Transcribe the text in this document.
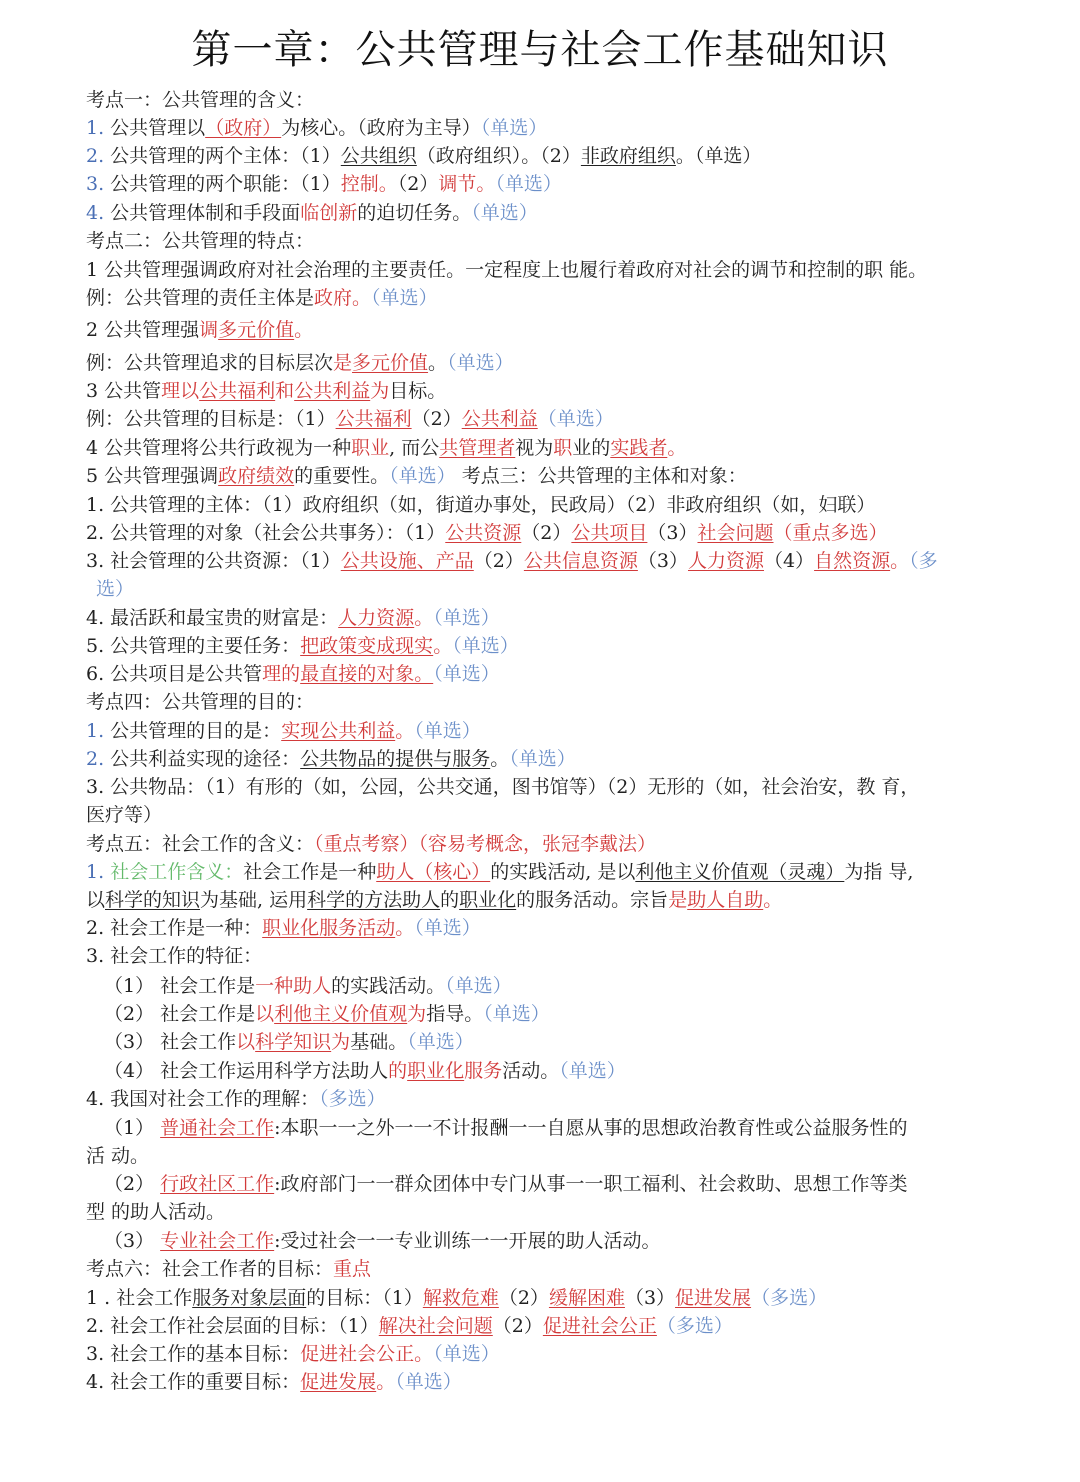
第一章：公共管理与社会工作基础知识
考点一：公共管理的含义：
1. 公共管理以（政府）为核心。（政府为主导）（单选）
2. 公共管理的两个主体：（1）公共组织（政府组织）。（2）非政府组织。（单选）
3. 公共管理的两个职能：（1）控制。（2）调节。（单选）
4. 公共管理体制和手段面临创新的迫切任务。（单选）
考点二：公共管理的特点：
1 公共管理强调政府对社会治理的主要责任。一定程度上也履行着政府对社会的调节和控制的职 能。
例：公共管理的责任主体是政府。（单选）
2 公共管理强调多元价值。
例：公共管理追求的目标层次是多元价值。（单选）
3 公共管理以公共福利和公共利益为目标。
例：公共管理的目标是：（1）公共福利（2）公共利益（单选）
4 公共管理将公共行政视为一种职业, 而公共管理者视为职业的实践者。
5 公共管理强调政府绩效的重要性。（单选） 考点三：公共管理的主体和对象：
1. 公共管理的主体：（1）政府组织（如，街道办事处，民政局）（2）非政府组织（如，妇联）
2. 公共管理的对象（社会公共事务）：（1）公共资源（2）公共项目（3）社会问题（重点多选）
3. 社会管理的公共资源：（1）公共设施、产品（2）公共信息资源（3）人力资源（4）自然资源。（多
选）
4. 最活跃和最宝贵的财富是：人力资源。（单选）
5. 公共管理的主要任务：把政策变成现实。（单选）
6. 公共项目是公共管理的最直接的对象。（单选）
考点四：公共管理的目的：
1. 公共管理的目的是：实现公共利益。（单选）
2. 公共利益实现的途径：公共物品的提供与服务。（单选）
3. 公共物品：（1）有形的（如，公园，公共交通，图书馆等）（2）无形的（如，社会治安，教 育，
医疗等）
考点五：社会工作的含义：（重点考察）（容易考概念，张冠李戴法）
1. 社会工作含义：社会工作是一种助人（核心）的实践活动, 是以利他主义价值观（灵魂）为指 导,
以科学的知识为基础, 运用科学的方法助人的职业化的服务活动。宗旨是助人自助。
2. 社会工作是一种：职业化服务活动。（单选）
3. 社会工作的特征：
（1） 社会工作是一种助人的实践活动。（单选）
（2） 社会工作是以利他主义价值观为指导。（单选）
（3） 社会工作以科学知识为基础。（单选）
（4） 社会工作运用科学方法助人的职业化服务活动。（单选）
4. 我国对社会工作的理解：（多选）
（1） 普通社会工作:本职一一之外一一不计报酬一一自愿从事的思想政治教育性或公益服务性的
活 动。
（2） 行政社区工作:政府部门一一群众团体中专门从事一一职工福利、社会救助、思想工作等类
型 的助人活动。
（3） 专业社会工作:受过社会一一专业训练一一开展的助人活动。
考点六：社会工作者的目标：重点
1 . 社会工作服务对象层面的目标：（1）解救危难（2）缓解困难（3）促进发展（多选）
2. 社会工作社会层面的目标：（1）解决社会问题（2）促进社会公正（多选）
3. 社会工作的基本目标：促进社会公正。（单选）
4. 社会工作的重要目标：促进发展。（单选）
